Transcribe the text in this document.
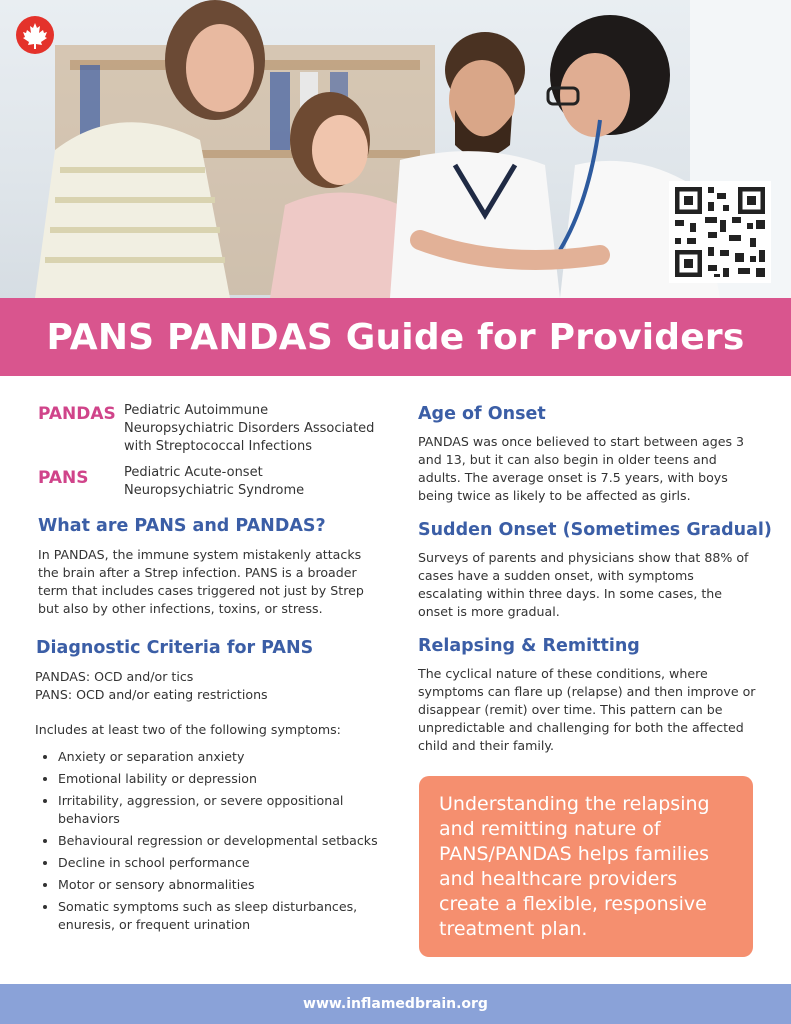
PANS PANDAS Guide for Providers
PANDAS Pediatric Autoimmune Neuropsychiatric Disorders Associated with Streptococcal Infections
PANS	Pediatric Acute-onset Neuropsychiatric Syndrome
What are PANS and PANDAS?

In PANDAS, the immune system mistakenly attacks the brain after a Strep infection. PANS is a broader term that includes cases triggered not just by Strep but also by other infections, toxins, or stress.

Diagnostic Criteria for PANS

PANDAS: OCD and/or tics

PANS: OCD and/or eating restrictions

Includes at least two of the following symptoms:

• Anxiety or separation anxiety
• Emotional lability or depression
• Irritability, aggression, or severe oppositional behaviors
• Behavioural regression or developmental setbacks
• Decline in school performance
• Motor or sensory abnormalities
• Somatic symptoms such as sleep disturbances, enuresis, or frequent urination
Age of Onset

PANDAS was once believed to start between ages 3 and 13, but it can also begin in older teens and adults. The average onset is 7.5 years, with boys being twice as likely to be affected as girls.

Sudden Onset (Sometimes Gradual)

Surveys of parents and physicians show that 88% of cases have a sudden onset, with symptoms escalating within three days. In some cases, the onset is more gradual.

Relapsing & Remitting

The cyclical nature of these conditions, where symptoms can flare up (relapse) and then improve or disappear (remit) over time. This pattern can be unpredictable and challenging for both the affected child and their family.

Understanding the relapsing and remitting nature of PANS/PANDAS helps families and healthcare providers create a flexible, responsive treatment plan.
www.inflamedbrain.org
